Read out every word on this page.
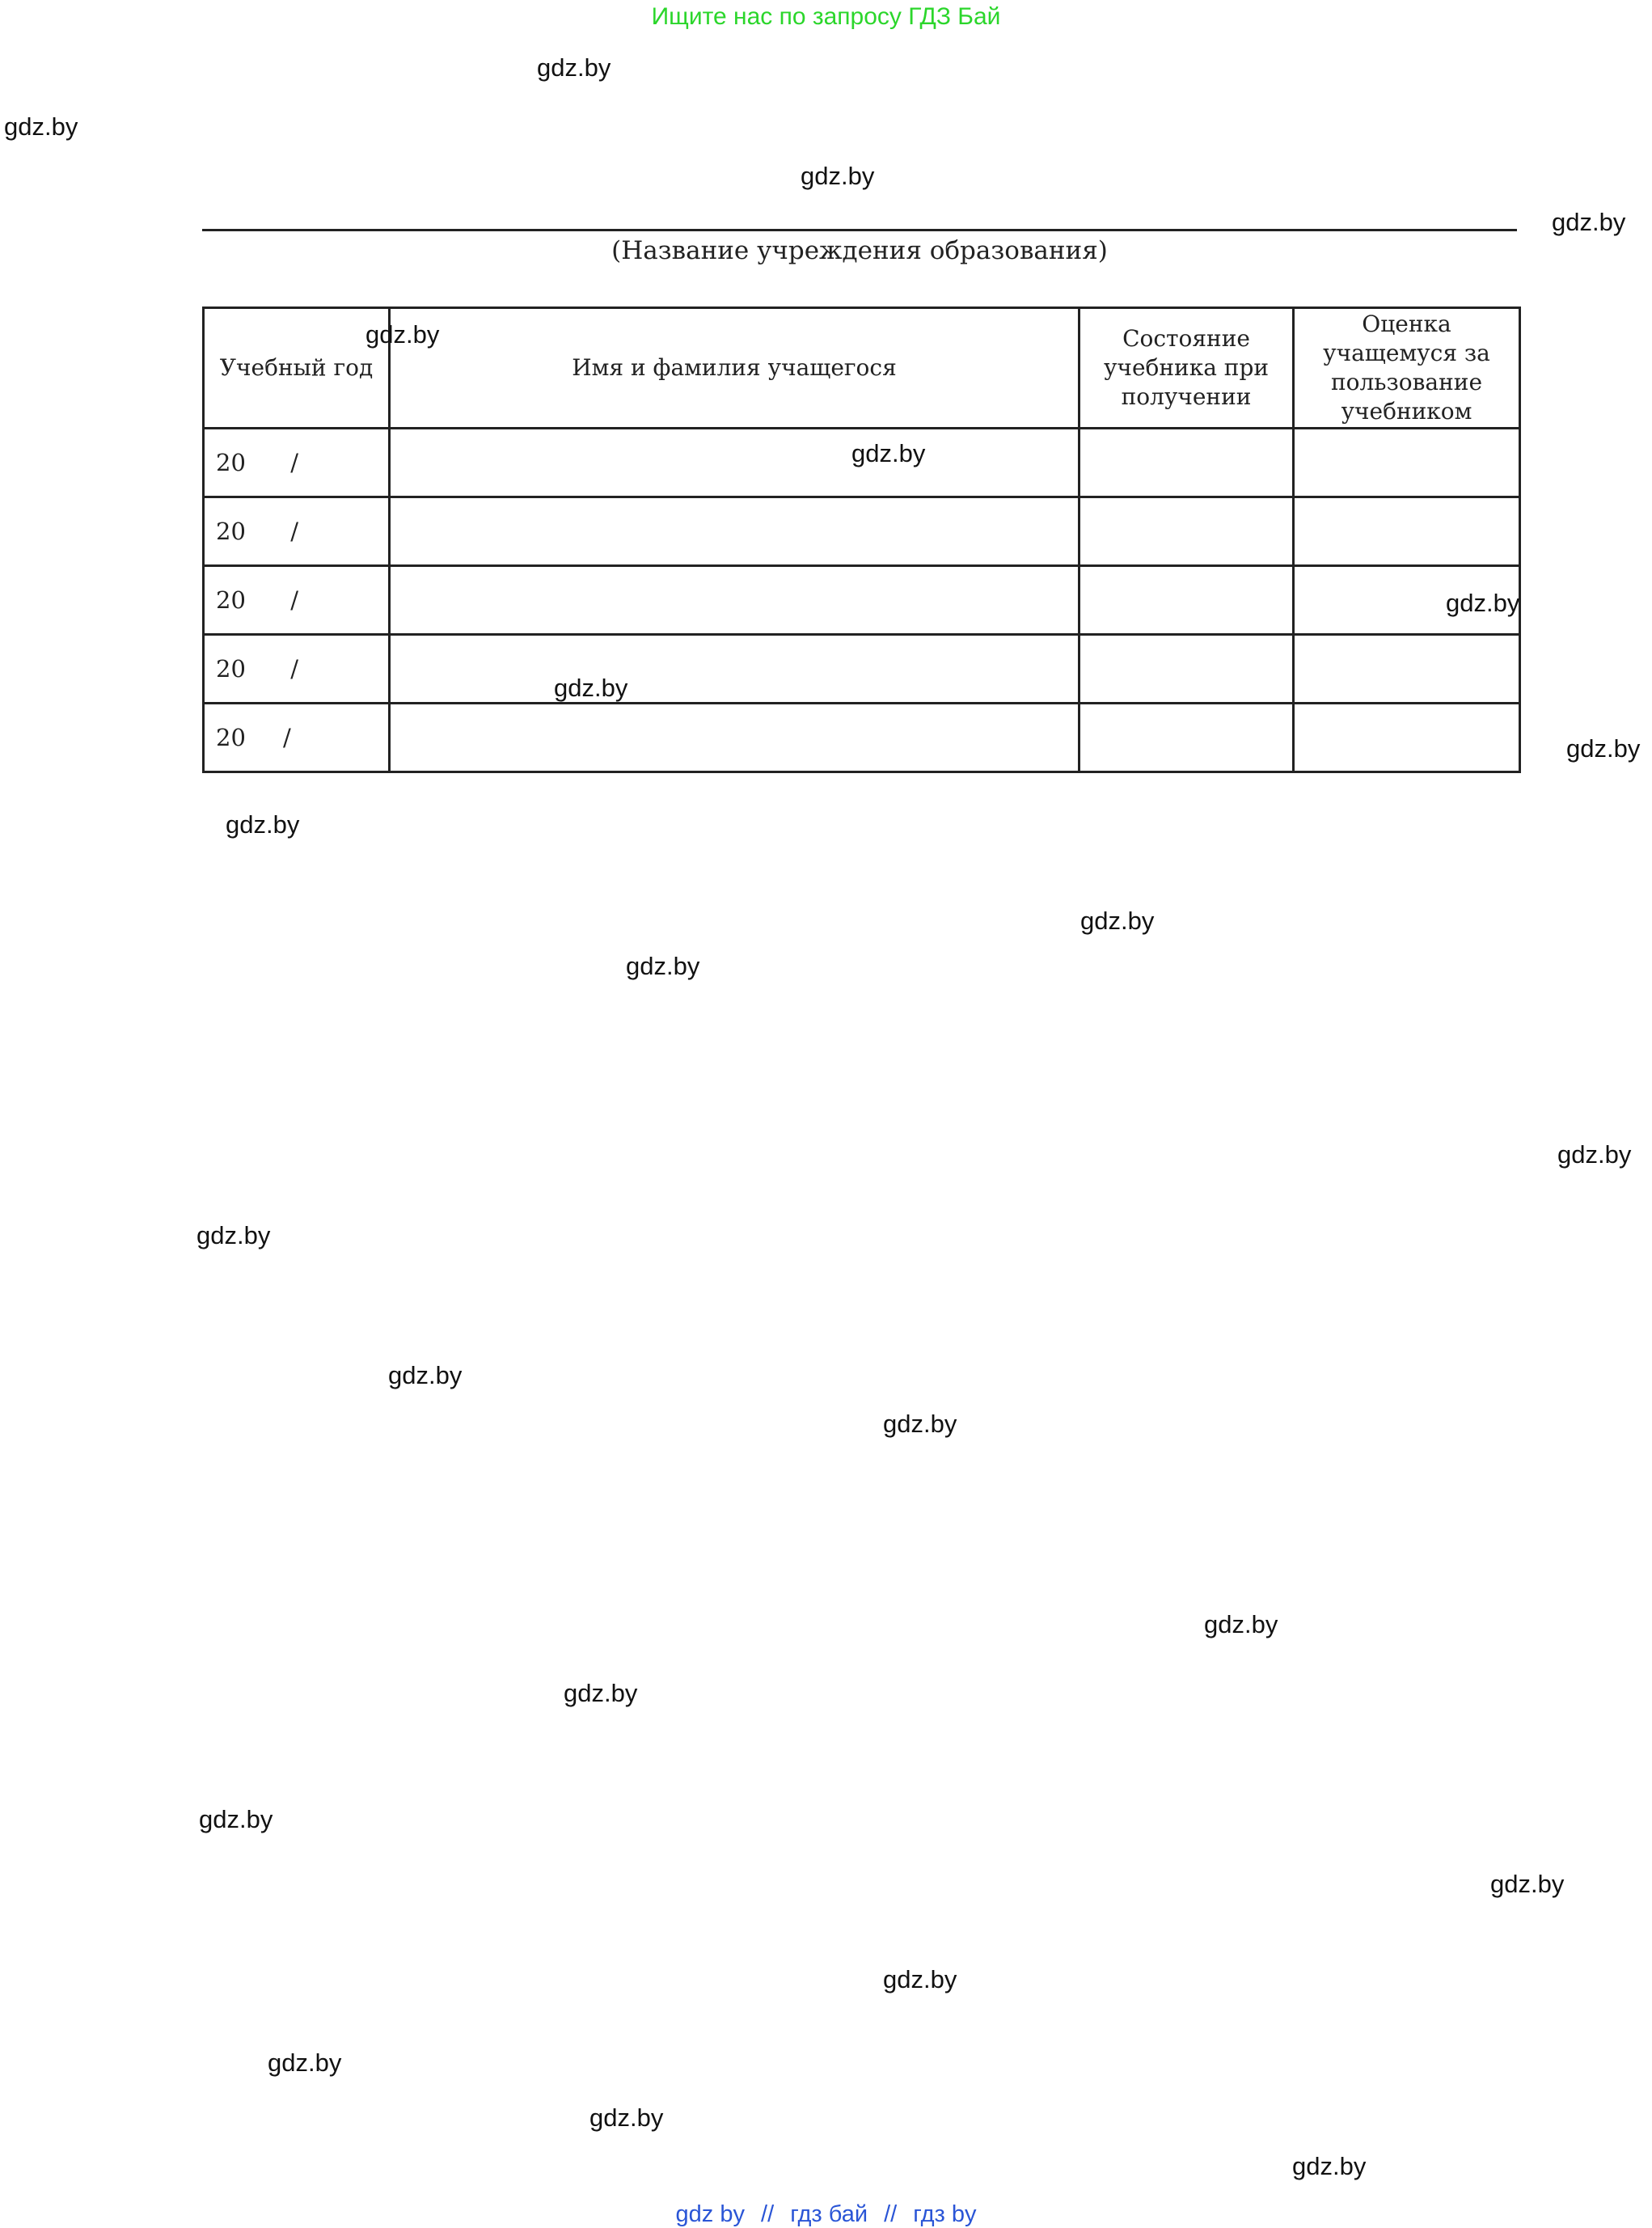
Ищите нас по запросу ГДЗ Бай
(Название учреждения образования)
Учебный год	Имя и фамилия учащегося	Состояние учебника при получении	Оценка учащемуся за пользование учебником
20      /			
20      /			
20      /			
20      /			
20     /			
gdz.by
gdz.by
gdz.by
gdz.by
gdz.by
gdz.by
gdz.by
gdz.by
gdz.by
gdz.by
gdz.by
gdz.by
gdz.by
gdz.by
gdz.by
gdz.by
gdz.by
gdz.by
gdz.by
gdz.by
gdz.by
gdz.by
gdz.by
gdz.by
gdz by // гдз бай // гдз by
